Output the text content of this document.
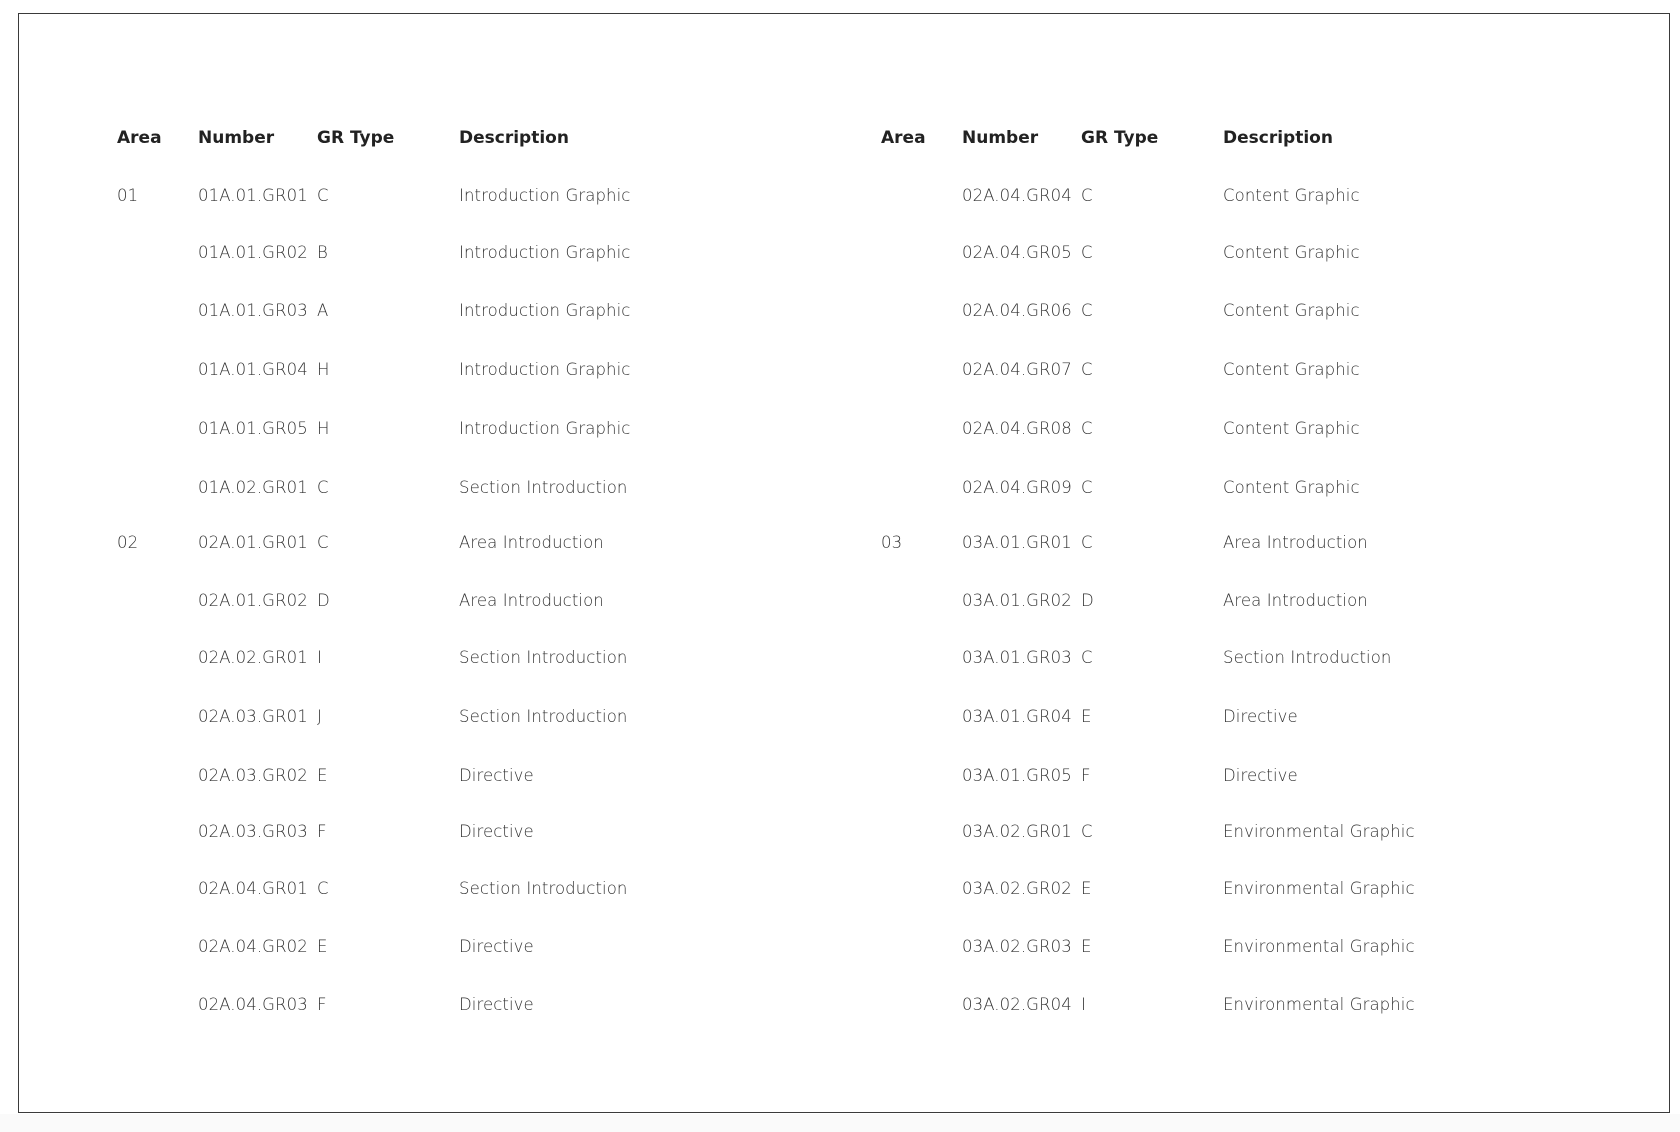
Area Number	GR Type	Description
01	01A.01.GR01 C	Introduction Graphic
01A.01.GR02 B	Introduction Graphic
01A.01.GR03 A	Introduction Graphic
01A.01.GR04 H	Introduction Graphic
01A.01.GR05 H	Introduction Graphic
01A.02.GR01 C	Section Introduction
02	02A.01.GR01 C	Area Introduction
02A.01.GR02 D	Area Introduction
02A.02.GR01 I	Section Introduction
02A.03.GR01 J	Section Introduction
02A.03.GR02 E	Directive
02A.03.GR03 F	Directive
02A.04.GR01 C	Section Introduction
02A.04.GR02 E	Directive
02A.04.GR03 F	Directive
Area Number	GR Type	Description
02A.04.GR04 C	Content Graphic
02A.04.GR05 C	Content Graphic
02A.04.GR06 C	Content Graphic
02A.04.GR07 C	Content Graphic
02A.04.GR08 C	Content Graphic
02A.04.GR09 C	Content Graphic
03	03A.01.GR01 C	Area Introduction
03A.01.GR02 D	Area Introduction
03A.01.GR03 C	Section Introduction
03A.01.GR04 E	Directive
03A.01.GR05 F	Directive
03A.02.GR01 C	Environmental Graphic
03A.02.GR02 E	Environmental Graphic
03A.02.GR03 E	Environmental Graphic
03A.02.GR04 I	Environmental Graphic
